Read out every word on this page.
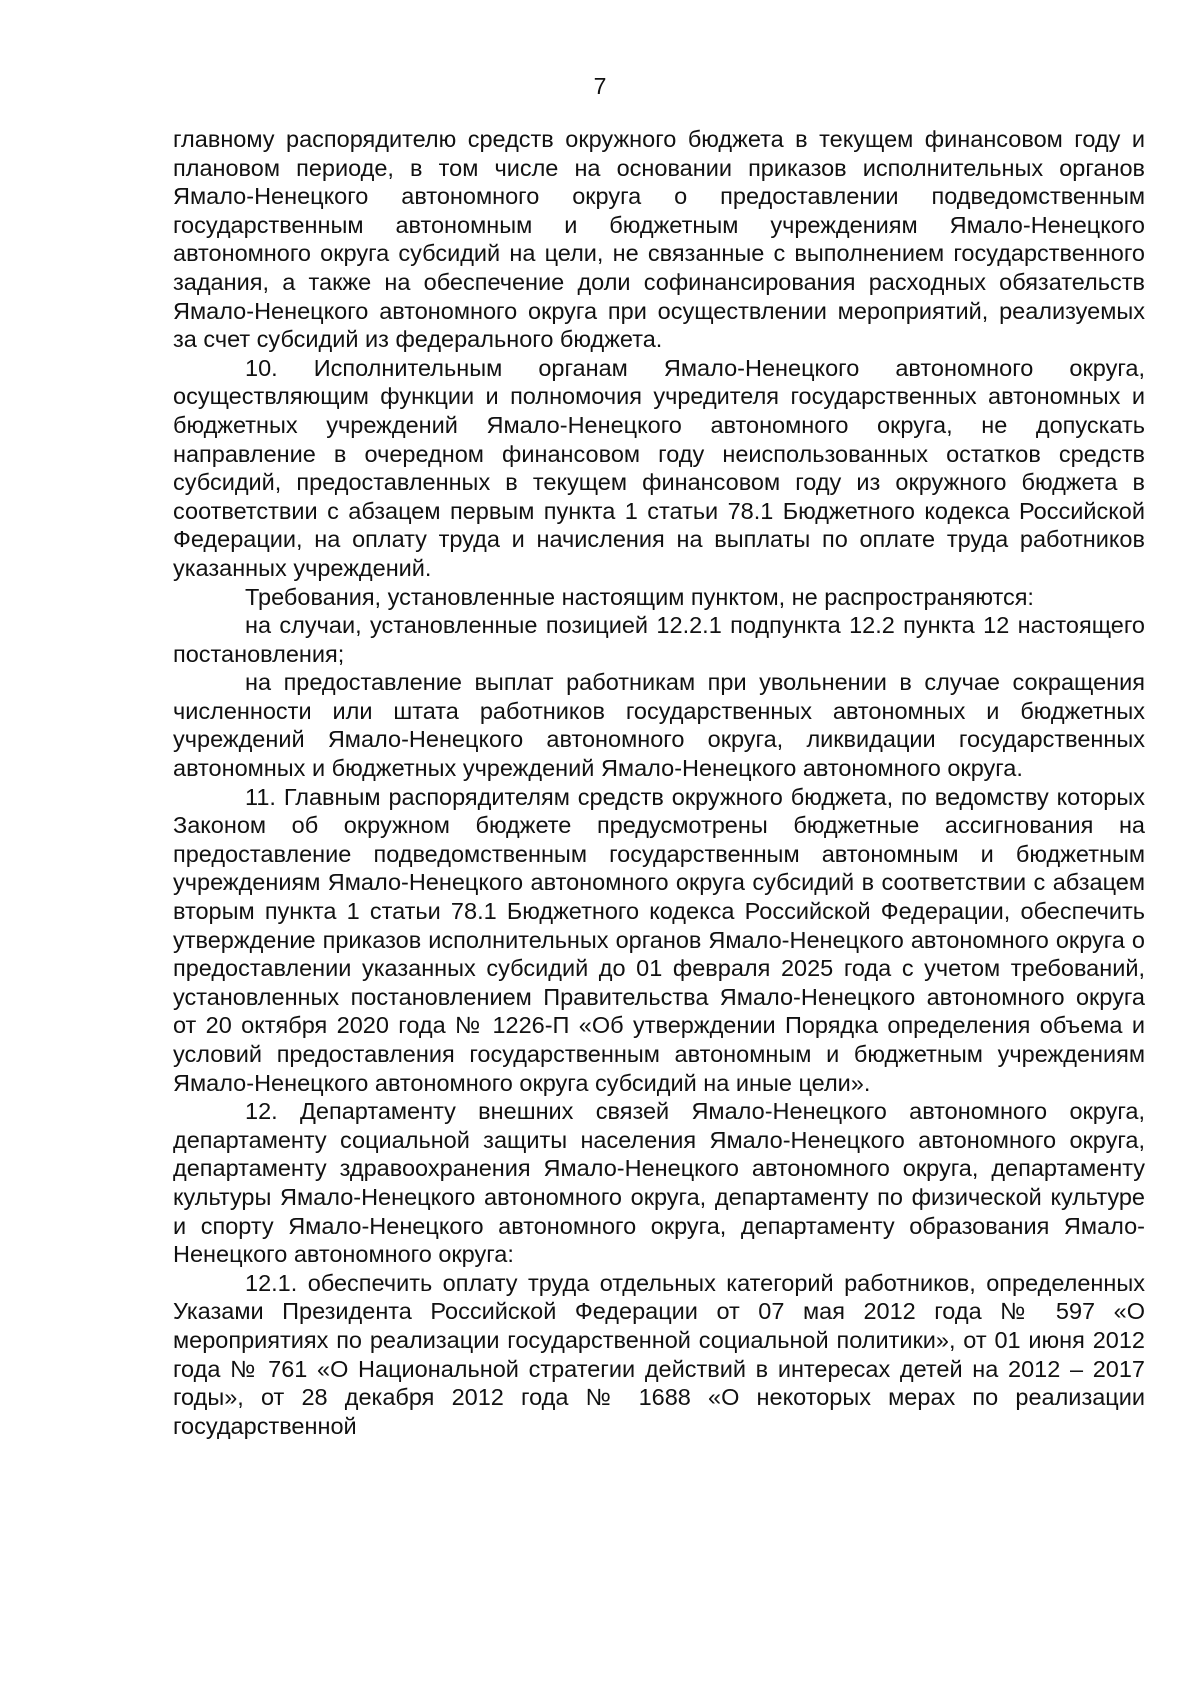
7

главному распорядителю средств окружного бюджета в текущем финансовом году и плановом периоде, в том числе на основании приказов исполнительных органов Ямало-Ненецкого автономного округа о предоставлении подведомственным государственным автономным и бюджетным учреждениям Ямало-Ненецкого автономного округа субсидий на цели, не связанные с выполнением государственного задания, а также на обеспечение доли софинансирования расходных обязательств Ямало-Ненецкого автономного округа при осуществлении мероприятий, реализуемых за счет субсидий из федерального бюджета.

10. Исполнительным органам Ямало-Ненецкого автономного округа, осуществляющим функции и полномочия учредителя государственных автономных и бюджетных учреждений Ямало-Ненецкого автономного округа, не допускать направление в очередном финансовом году неиспользованных остатков средств субсидий, предоставленных в текущем финансовом году из окружного бюджета в соответствии с абзацем первым пункта 1 статьи 78.1 Бюджетного кодекса Российской Федерации, на оплату труда и начисления на выплаты по оплате труда работников указанных учреждений.

Требования, установленные настоящим пунктом, не распространяются:

на случаи, установленные позицией 12.2.1 подпункта 12.2 пункта 12 настоящего постановления;

на предоставление выплат работникам при увольнении в случае сокращения численности или штата работников государственных автономных и бюджетных учреждений Ямало-Ненецкого автономного округа, ликвидации государственных автономных и бюджетных учреждений Ямало-Ненецкого автономного округа.

11. Главным распорядителям средств окружного бюджета, по ведомству которых Законом об окружном бюджете предусмотрены бюджетные ассигнования на предоставление подведомственным государственным автономным и бюджетным учреждениям Ямало-Ненецкого автономного округа субсидий в соответствии с абзацем вторым пункта 1 статьи 78.1 Бюджетного кодекса Российской Федерации, обеспечить утверждение приказов исполнительных органов Ямало-Ненецкого автономного округа о предоставлении указанных субсидий до 01 февраля 2025 года с учетом требований, установленных постановлением Правительства Ямало-Ненецкого автономного округа от 20 октября 2020 года № 1226-П «Об утверждении Порядка определения объема и условий предоставления государственным автономным и бюджетным учреждениям Ямало-Ненецкого автономного округа субсидий на иные цели».

12. Департаменту внешних связей Ямало-Ненецкого автономного округа, департаменту социальной защиты населения Ямало-Ненецкого автономного округа, департаменту здравоохранения Ямало-Ненецкого автономного округа, департаменту культуры Ямало-Ненецкого автономного округа, департаменту по физической культуре и спорту Ямало-Ненецкого автономного округа, департаменту образования Ямало-Ненецкого автономного округа:

12.1. обеспечить оплату труда отдельных категорий работников, определенных Указами Президента Российской Федерации от 07 мая 2012 года № 597 «О мероприятиях по реализации государственной социальной политики», от 01 июня 2012 года № 761 «О Национальной стратегии действий в интересах детей на 2012 – 2017 годы», от 28 декабря 2012 года № 1688 «О некоторых мерах по реализации государственной
